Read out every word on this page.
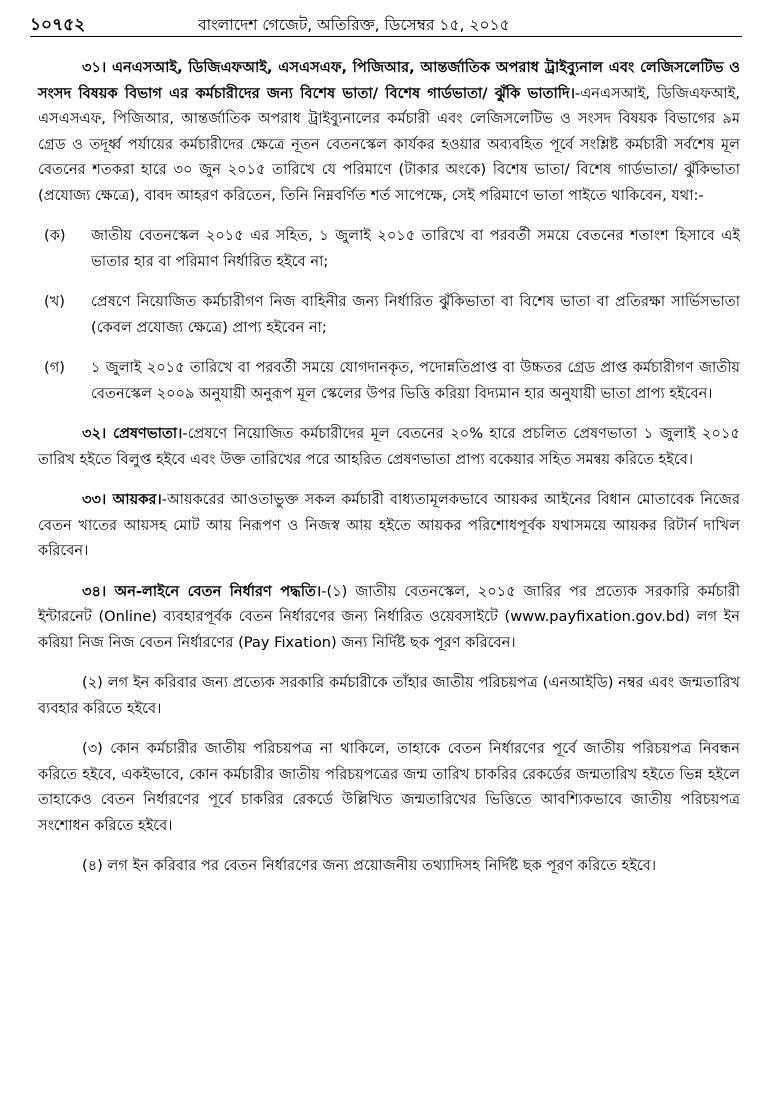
১০৭৫২	বাংলাদেশ গেজেট, অতিরিক্ত, ডিসেম্বর ১৫, ২০১৫

৩১। এনএসআই, ডিজিএফআই, এসএসএফ, পিজিআর, আন্তর্জাতিক অপরাধ ট্রাইব্যুনাল এবং লেজিসলেটিভ ও সংসদ বিষয়ক বিভাগ এর কর্মচারীদের জন্য বিশেষ ভাতা/ বিশেষ গার্ডভাতা/ ঝুঁকি ভাতাদি।-এনএসআই, ডিজিএফআই, এসএসএফ, পিজিআর, আন্তর্জাতিক অপরাধ ট্রাইব্যুনালের কর্মচারী এবং লেজিসলেটিভ ও সংসদ বিষয়ক বিভাগের ৯ম গ্রেড ও তদূর্ধ্ব পর্যায়ের কর্মচারীদের ক্ষেত্রে নূতন বেতনস্কেল কার্যকর হওয়ার অব্যবহিত পূর্বে সংশ্লিষ্ট কর্মচারী সর্বশেষ মূল বেতনের শতকরা হারে ৩০ জুন ২০১৫ তারিখে যে পরিমাণে (টাকার অংকে) বিশেষ ভাতা/ বিশেষ গার্ডভাতা/ ঝুঁকিভাতা (প্রযোজ্য ক্ষেত্রে), বাবদ আহরণ করিতেন, তিনি নিম্নবর্ণিত শর্ত সাপেক্ষে, সেই পরিমাণে ভাতা পাইতে থাকিবেন, যথা:-

(ক)	জাতীয় বেতনস্কেল ২০১৫ এর সহিত, ১ জুলাই ২০১৫ তারিখে বা পরবর্তী সময়ে বেতনের শতাংশ হিসাবে এই ভাতার হার বা পরিমাণ নির্ধারিত হইবে না;
(খ)	প্রেষণে নিয়োজিত কর্মচারীগণ নিজ বাহিনীর জন্য নির্ধারিত ঝুঁকিভাতা বা বিশেষ ভাতা বা প্রতিরক্ষা সার্ভিসভাতা (কেবল প্রযোজ্য ক্ষেত্রে) প্রাপ্য হইবেন না;
(গ)	১ জুলাই ২০১৫ তারিখে বা পরবর্তী সময়ে যোগদানকৃত, পদোন্নতিপ্রাপ্ত বা উচ্চতর গ্রেড প্রাপ্ত কর্মচারীগণ জাতীয় বেতনস্কেল ২০০৯ অনুযায়ী অনুরূপ মূল স্কেলের উপর ভিত্তি করিয়া বিদ্যমান হার অনুযায়ী ভাতা প্রাপ্য হইবেন।

৩২। প্রেষণভাতা।-প্রেষণে নিয়োজিত কর্মচারীদের মূল বেতনের ২০% হারে প্রচলিত প্রেষণভাতা ১ জুলাই ২০১৫ তারিখ হইতে বিলুপ্ত হইবে এবং উক্ত তারিখের পরে আহরিত প্রেষণভাতা প্রাপ্য বকেয়ার সহিত সমন্বয় করিতে হইবে।

৩৩। আয়কর।-আয়করের আওতাভুক্ত সকল কর্মচারী বাধ্যতামূলকভাবে আয়কর আইনের বিধান মোতাবেক নিজের বেতন খাতের আয়সহ মোট আয় নিরূপণ ও নিজস্ব আয় হইতে আয়কর পরিশোধপূর্বক যথাসময়ে আয়কর রিটার্ন দাখিল করিবেন।

৩৪। অন-লাইনে বেতন নির্ধারণ পদ্ধতি।-(১) জাতীয় বেতনস্কেল, ২০১৫ জারির পর প্রত্যেক সরকারি কর্মচারী ইন্টারনেট (Online) ব্যবহারপূর্বক বেতন নির্ধারণের জন্য নির্ধারিত ওয়েবসাইটে (www.payfixation.gov.bd) লগ ইন করিয়া নিজ নিজ বেতন নির্ধারণের (Pay Fixation) জন্য নির্দিষ্ট ছক পূরণ করিবেন।

(২) লগ ইন করিবার জন্য প্রত্যেক সরকারি কর্মচারীকে তাঁহার জাতীয় পরিচয়পত্র (এনআইডি) নম্বর এবং জন্মতারিখ ব্যবহার করিতে হইবে।

(৩) কোন কর্মচারীর জাতীয় পরিচয়পত্র না থাকিলে, তাহাকে বেতন নির্ধারণের পূর্বে জাতীয় পরিচয়পত্র নিবন্ধন করিতে হইবে, একইভাবে, কোন কর্মচারীর জাতীয় পরিচয়পত্রের জন্ম তারিখ চাকরির রেকর্ডের জন্মতারিখ হইতে ভিন্ন হইলে তাহাকেও বেতন নির্ধারণের পূর্বে চাকরির রেকর্ডে উল্লিখিত জন্মতারিখের ভিত্তিতে আবশ্যিকভাবে জাতীয় পরিচয়পত্র সংশোধন করিতে হইবে।

(৪) লগ ইন করিবার পর বেতন নির্ধারণের জন্য প্রয়োজনীয় তথ্যাদিসহ নির্দিষ্ট ছক পূরণ করিতে হইবে।
